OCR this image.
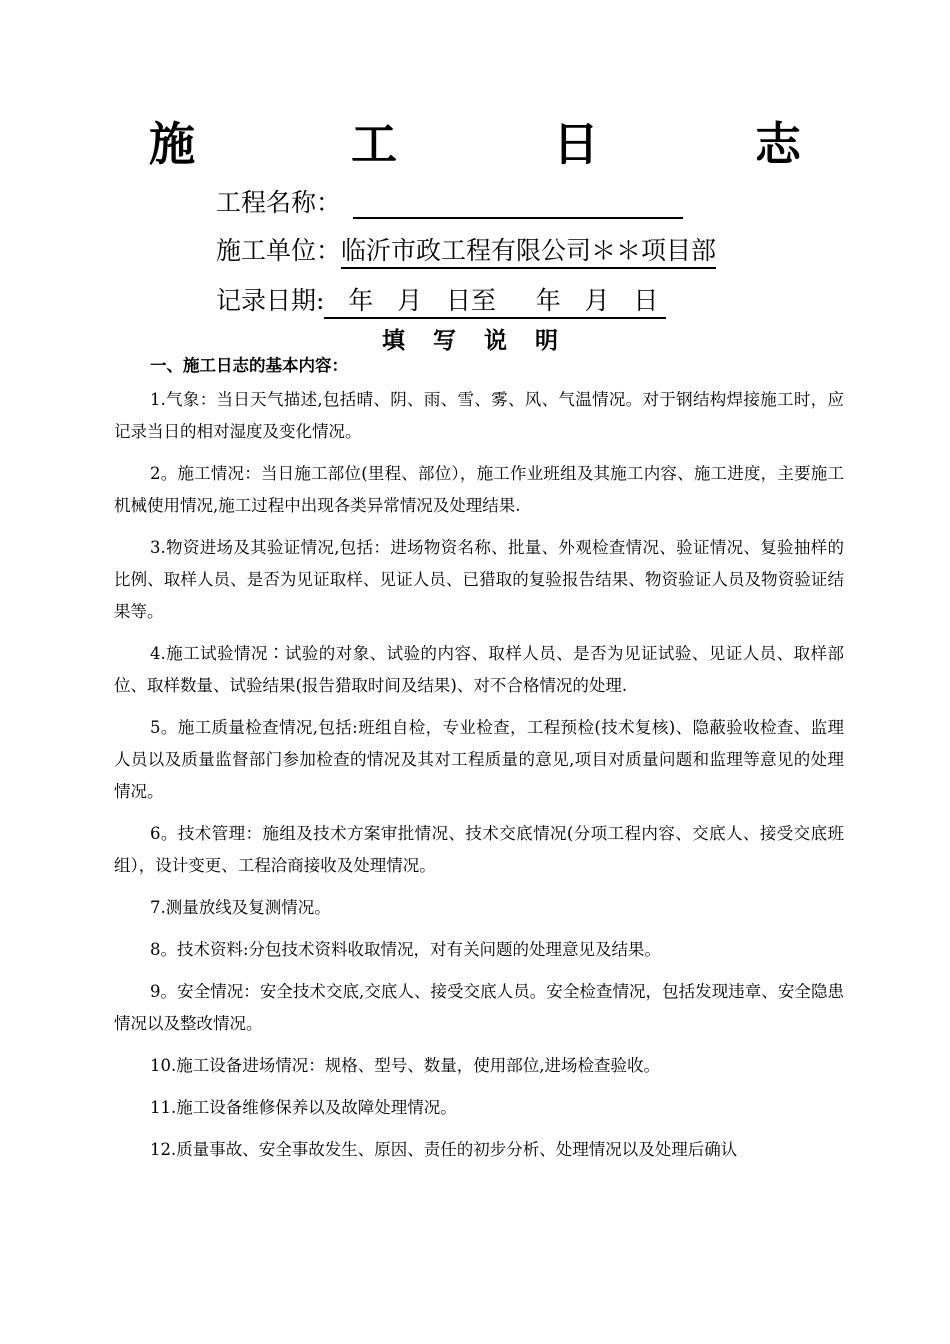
施 工 日 志
工程名称：
施工单位：临沂市政工程有限公司＊＊项目部
记录日期:   年   月   日至     年   月   日
填 写 说 明
一、施工日志的基本内容：

1.气象：当日天气描述,包括晴、阴、雨、雪、雾、风、气温情况。对于钢结构焊接施工时，应记录当日的相对湿度及变化情况。

2。施工情况：当日施工部位(里程、部位），施工作业班组及其施工内容、施工进度，主要施工机械使用情况,施工过程中出现各类异常情况及处理结果.

3.物资进场及其验证情况,包括：进场物资名称、批量、外观检查情况、验证情况、复验抽样的比例、取样人员、是否为见证取样、见证人员、已猎取的复验报告结果、物资验证人员及物资验证结果等。

4.施工试验情况∶试验的对象、试验的内容、取样人员、是否为见证试验、见证人员、取样部位、取样数量、试验结果(报告猎取时间及结果)、对不合格情况的处理.

5。施工质量检查情况,包括:班组自检，专业检查，工程预检(技术复核)、隐蔽验收检查、监理人员以及质量监督部门参加检查的情况及其对工程质量的意见,项目对质量问题和监理等意见的处理情况。

6。技术管理：施组及技术方案审批情况、技术交底情况(分项工程内容、交底人、接受交底班组），设计变更、工程洽商接收及处理情况。

7.测量放线及复测情况。

8。技术资料:分包技术资料收取情况，对有关问题的处理意见及结果。

9。安全情况：安全技术交底,交底人、接受交底人员。安全检查情况，包括发现违章、安全隐患情况以及整改情况。

10.施工设备进场情况：规格、型号、数量，使用部位,进场检查验收。

11.施工设备维修保养以及故障处理情况。

12.质量事故、安全事故发生、原因、责任的初步分析、处理情况以及处理后确认
